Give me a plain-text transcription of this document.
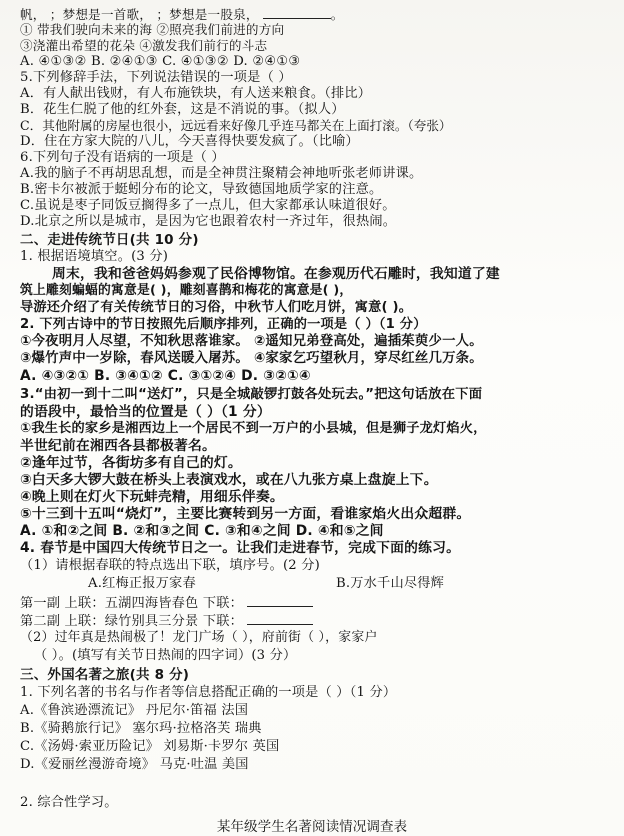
帆， ；梦想是一首歌， ；梦想是一股泉，	。
① 带我们驶向未来的海 ②照亮我们前进的方向
③浇灌出希望的花朵 ④激发我们前行的斗志
A. ④①③② B. ②④①③ C. ④①③② D. ②④①③
5.下列修辞手法，下列说法错误的一项是（ ）
A．有人献出钱财，有人布施铁块，有人送来粮食。（排比）
B．花生仁脱了他的红外套，这是不消说的事。（拟人）
C．其他附属的房屋也很小，远远看来好像几乎连马都关在上面打滚。（夸张）
D．住在方家大院的八儿，今天喜得快要发疯了。（比喻）
6.下列句子没有语病的一项是（ ）
A.我的脑子不再胡思乱想，而是全神贯注聚精会神地听张老师讲课。
B.密卡尔被派于蜓蚓分布的论文，导致德国地质学家的注意。
C.虽说是枣子同饭豆搁得多了一点儿，但大家都承认味道很好。
D.北京之所以是城市，是因为它也跟着农村一齐过年，很热闹。
二、走进传统节日(共 10 分)
1. 根据语境填空。(3 分)
周末，我和爸爸妈妈参观了民俗博物馆。在参观历代石雕时，我知道了建
筑上雕刻蝙蝠的寓意是( )，雕刻喜鹊和梅花的寓意是( )，
导游还介绍了有关传统节日的习俗，中秋节人们吃月饼，寓意( )。
2. 下列古诗中的节日按照先后顺序排列，正确的一项是（ ）（1 分）
①今夜明月人尽望，不知秋思落谁家。 ②遥知兄弟登高处，遍插茱萸少一人。
③爆竹声中一岁除，春风送暖入屠苏。 ④家家乞巧望秋月，穿尽红丝几万条。
A. ④③②① B. ③④①② C. ③①②④ D. ③②①④
3.“由初一到十二叫“送灯”，只是全城敲锣打鼓各处玩去。”把这句话放在下面
的语段中，最恰当的位置是（ ）（1 分）
①我生长的家乡是湘西边上一个居民不到一万户的小县城，但是狮子龙灯焰火，
半世纪前在湘西各县都极著名。
②逢年过节，各街坊多有自己的灯。
③白天多大锣大鼓在桥头上表演戏水，或在八九张方桌上盘旋上下。
④晚上则在灯火下玩蚌壳精，用细乐伴奏。
⑤十三到十五叫“烧灯”，主要比赛转到另一方面，看谁家焰火出众超群。
A. ①和②之间 B. ②和③之间 C. ③和④之间 D. ④和⑤之间
4. 春节是中国四大传统节日之一。让我们走进春节，完成下面的练习。
（1）请根据春联的特点选出下联，填序号。(2 分)
A.红梅正报万家春	B.万水千山尽得辉
第一副 上联：五湖四海皆春色 下联：
第二副 上联：绿竹别具三分景 下联：
（2）过年真是热闹极了！龙门广场（ ），府前街（ ），家家户
（ ）。(填写有关节日热闹的四字词）(3 分）
三、外国名著之旅(共 8 分)
1. 下列名著的书名与作者等信息搭配正确的一项是（ ）（1 分）
A.《鲁滨逊漂流记》 丹尼尔·笛福 法国
B.《骑鹅旅行记》 塞尔玛·拉格洛芙 瑞典
C.《汤姆·索亚历险记》 刘易斯·卡罗尔 英国
D.《爱丽丝漫游奇境》 马克·吐温 美国
2. 综合性学习。
某年级学生名著阅读情况调查表
